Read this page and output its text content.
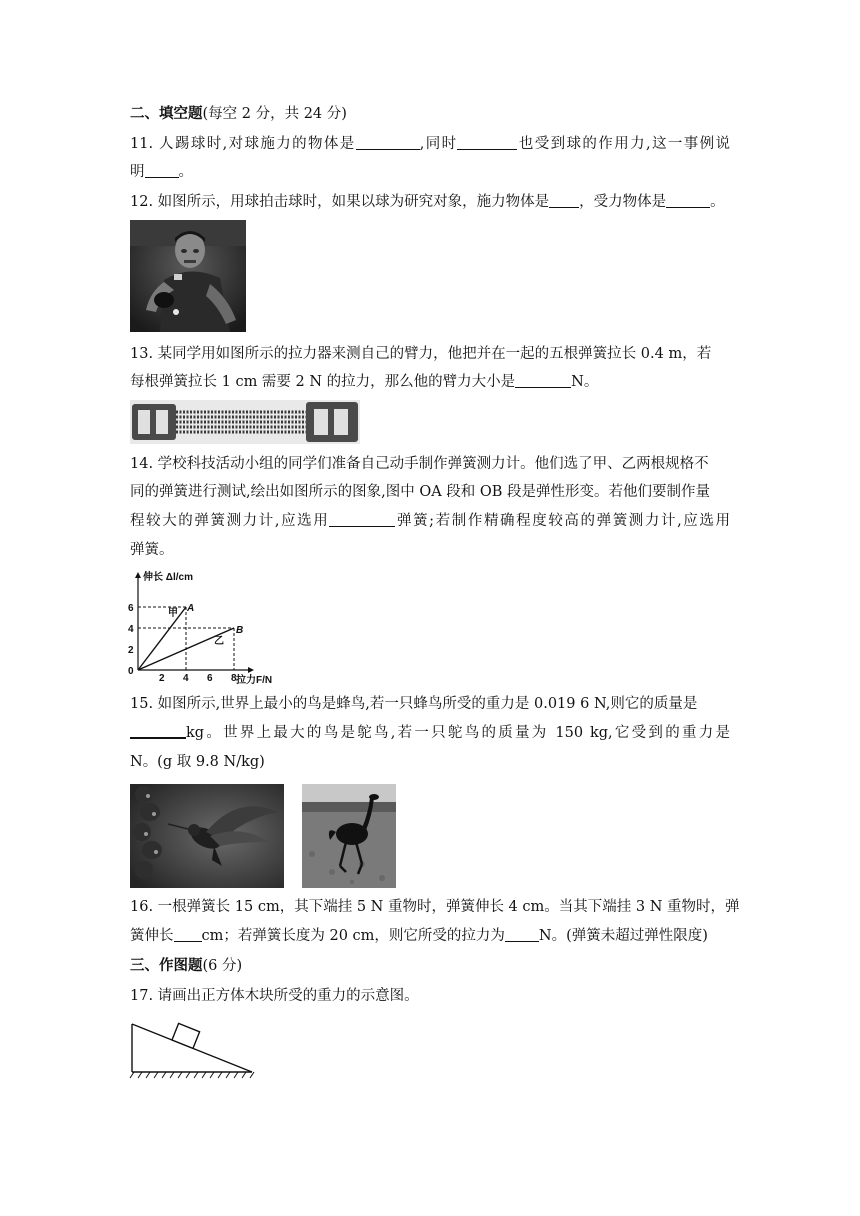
二、填空题(每空 2 分，共 24 分)
11. 人踢球时,对球施力的物体是	,同时	也受到球的作用力,这一事例说
明 。
12. 如图所示，用球拍击球时，如果以球为研究对象，施力物体是 ，受力物体是	。
13. 某同学用如图所示的拉力器来测自己的臂力，他把并在一起的五根弹簧拉长 0.4 m，若
每根弹簧拉长 1 cm 需要 2 N 的拉力，那么他的臂力大小是	N。
14. 学校科技活动小组的同学们准备自己动手制作弹簧测力计。他们选了甲、乙两根规格不
同的弹簧进行测试,绘出如图所示的图象,图中 OA 段和 OB 段是弹性形变。若他们要制作量
程较大的弹簧测力计,应选用	弹簧;若制作精确程度较高的弹簧测力计,应选用
弹簧。
伸长 Δl/cm
拉力F/N
0
2 4 6 8
2
4
6	A
B
甲
乙
15. 如图所示,世界上最小的鸟是蜂鸟,若一只蜂鸟所受的重力是 0.019 6 N,则它的质量是
kg。世界上最大的鸟是鸵鸟,若一只鸵鸟的质量为 150 kg,它受到的重力是
N。(g 取 9.8 N/kg)
16. 一根弹簧长 15 cm，其下端挂 5 N 重物时，弹簧伸长 4 cm。当其下端挂 3 N 重物时，弹
簧伸长 cm；若弹簧长度为 20 cm，则它所受的拉力为 N。(弹簧未超过弹性限度)
三、作图题(6 分)
17. 请画出正方体木块所受的重力的示意图。
